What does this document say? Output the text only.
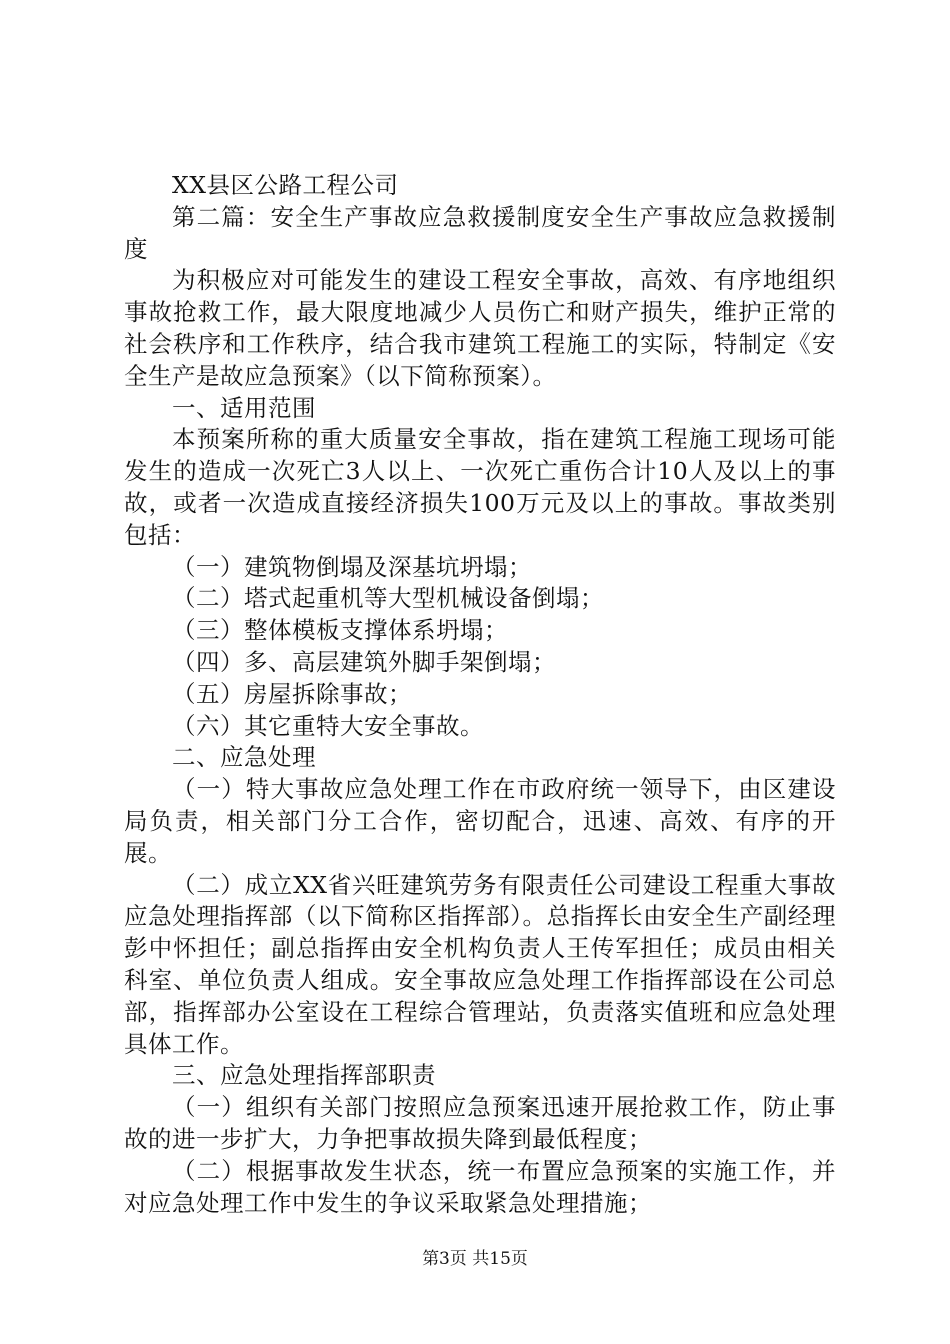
XX县区公路工程公司

第二篇：安全生产事故应急救援制度安全生产事故应急救援制度

为积极应对可能发生的建设工程安全事故，高效、有序地组织事故抢救工作，最大限度地减少人员伤亡和财产损失，维护正常的社会秩序和工作秩序，结合我市建筑工程施工的实际，特制定《安全生产是故应急预案》（以下简称预案）。

一、适用范围

本预案所称的重大质量安全事故，指在建筑工程施工现场可能发生的造成一次死亡3人以上、一次死亡重伤合计10人及以上的事故，或者一次造成直接经济损失100万元及以上的事故。事故类别包括：

（一）建筑物倒塌及深基坑坍塌；

（二）塔式起重机等大型机械设备倒塌；

（三）整体模板支撑体系坍塌；

（四）多、高层建筑外脚手架倒塌；

（五）房屋拆除事故；

（六）其它重特大安全事故。

二、应急处理

（一）特大事故应急处理工作在市政府统一领导下，由区建设局负责，相关部门分工合作，密切配合，迅速、高效、有序的开展。

（二）成立XX省兴旺建筑劳务有限责任公司建设工程重大事故应急处理指挥部（以下简称区指挥部）。总指挥长由安全生产副经理彭中怀担任；副总指挥由安全机构负责人王传军担任；成员由相关科室、单位负责人组成。安全事故应急处理工作指挥部设在公司总部，指挥部办公室设在工程综合管理站，负责落实值班和应急处理具体工作。

三、应急处理指挥部职责

（一）组织有关部门按照应急预案迅速开展抢救工作，防止事故的进一步扩大，力争把事故损失降到最低程度；

（二）根据事故发生状态，统一布置应急预案的实施工作，并对应急处理工作中发生的争议采取紧急处理措施；

第3页 共15页
